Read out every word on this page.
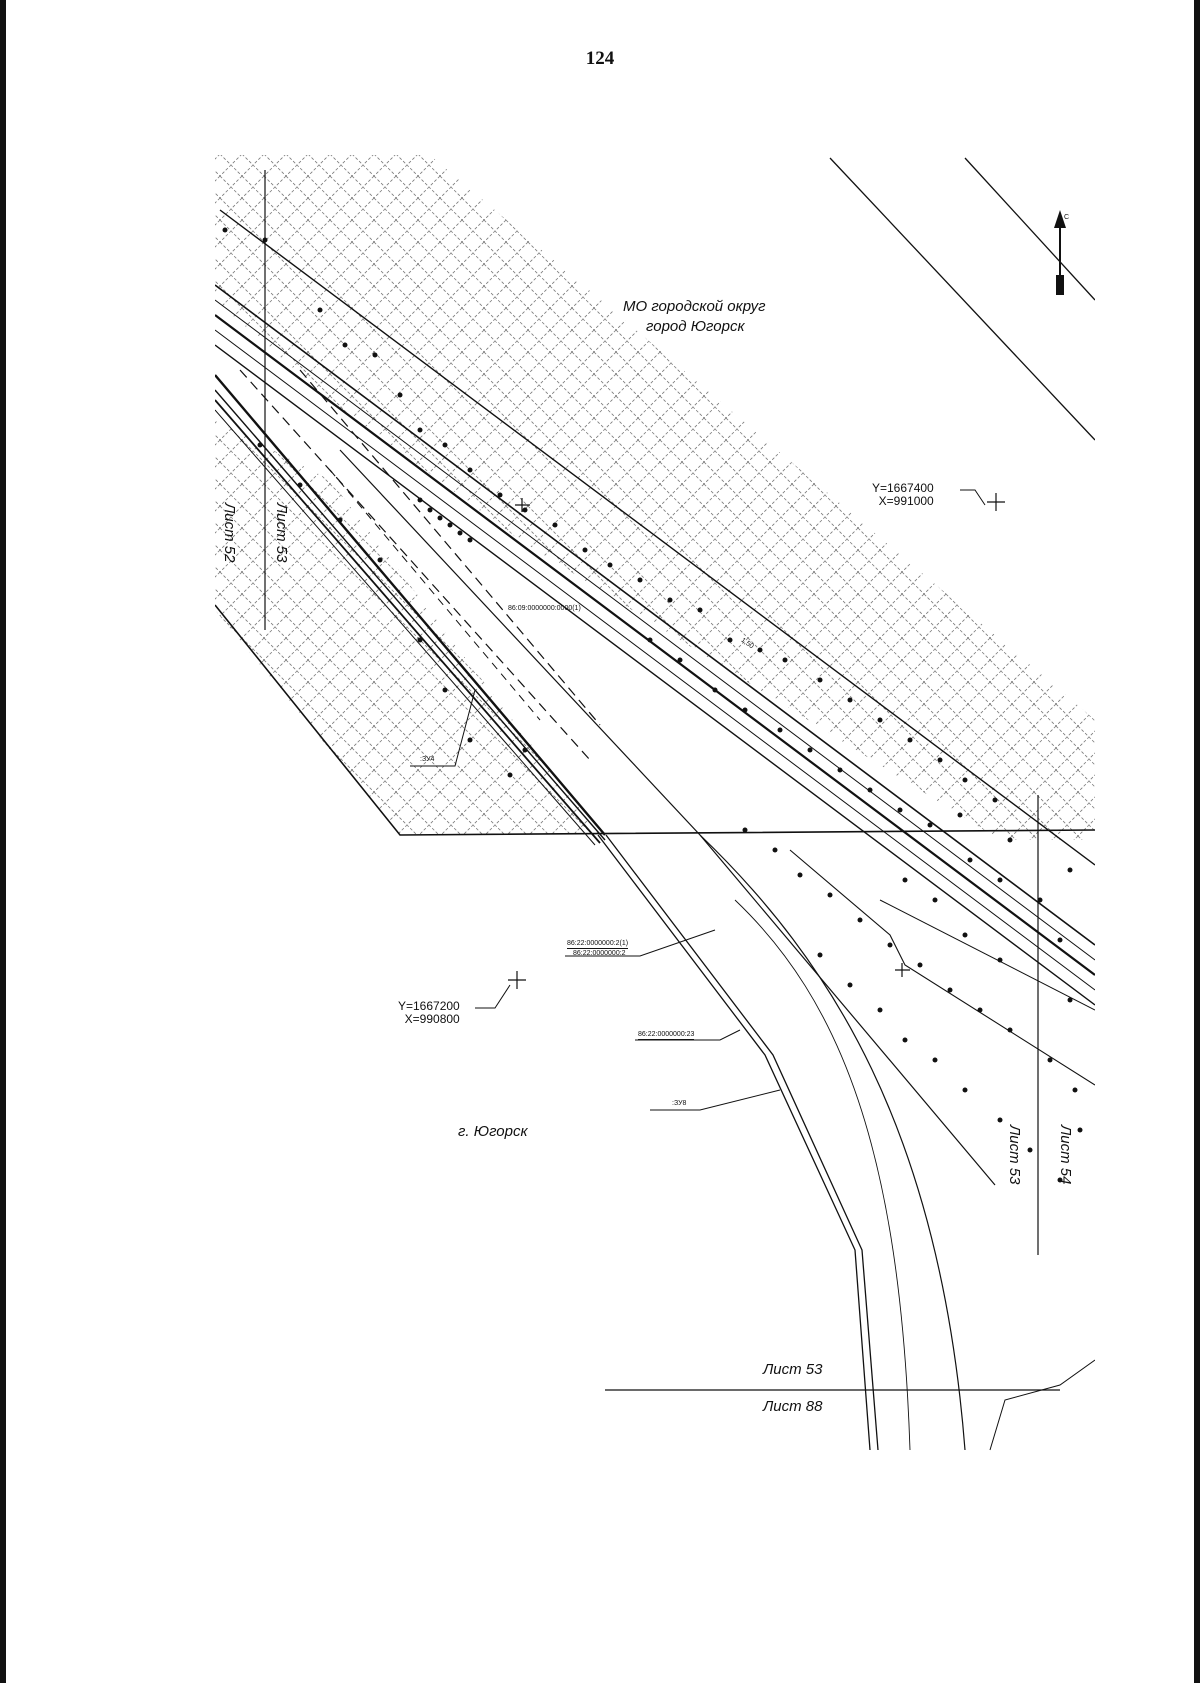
124
МО городской округ
город Югорск
г. Югорск
Y=1667400
X=991000
Y=1667200
X=990800
Лист 52 Лист 53
Лист 53 Лист 54
Лист 53
Лист 88
86:09:0000000:0000(1)
86:22:0000000:2(1)
86:22:0000000:2
86:22:0000000:23
:ЗУ4
:ЗУ8
1,50
С
